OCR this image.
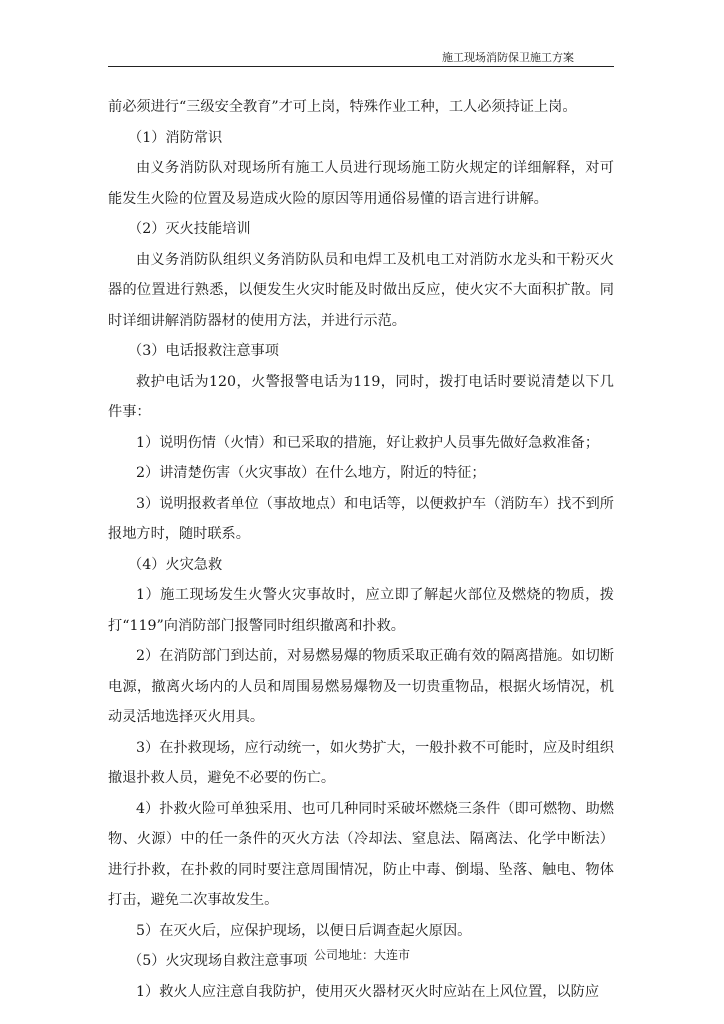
施工现场消防保卫施工方案

前必须进行“三级安全教育”才可上岗，特殊作业工种，工人必须持证上岗。

（1）消防常识

由义务消防队对现场所有施工人员进行现场施工防火规定的详细解释，对可能发生火险的位置及易造成火险的原因等用通俗易懂的语言进行讲解。

（2）灭火技能培训

由义务消防队组织义务消防队员和电焊工及机电工对消防水龙头和干粉灭火器的位置进行熟悉，以便发生火灾时能及时做出反应，使火灾不大面积扩散。同时详细讲解消防器材的使用方法，并进行示范。

（3）电话报救注意事项

救护电话为120，火警报警电话为119，同时，拨打电话时要说清楚以下几件事：

1）说明伤情（火情）和已采取的措施，好让救护人员事先做好急救准备；

2）讲清楚伤害（火灾事故）在什么地方，附近的特征；

3）说明报救者单位（事故地点）和电话等，以便救护车（消防车）找不到所报地方时，随时联系。

（4）火灾急救

1）施工现场发生火警火灾事故时，应立即了解起火部位及燃烧的物质，拨打“119”向消防部门报警同时组织撤离和扑救。

2）在消防部门到达前，对易燃易爆的物质采取正确有效的隔离措施。如切断电源，撤离火场内的人员和周围易燃易爆物及一切贵重物品，根据火场情况，机动灵活地选择灭火用具。

3）在扑救现场，应行动统一，如火势扩大，一般扑救不可能时，应及时组织撤退扑救人员，避免不必要的伤亡。

4）扑救火险可单独采用、也可几种同时采破坏燃烧三条件（即可燃物、助燃物、火源）中的任一条件的灭火方法（冷却法、窒息法、隔离法、化学中断法）进行扑救，在扑救的同时要注意周围情况，防止中毒、倒塌、坠落、触电、物体打击，避免二次事故发生。

5）在灭火后，应保护现场，以便日后调查起火原因。

（5）火灾现场自救注意事项

1）救火人应注意自我防护，使用灭火器材灭火时应站在上风位置，以防应

公司地址：大连市
